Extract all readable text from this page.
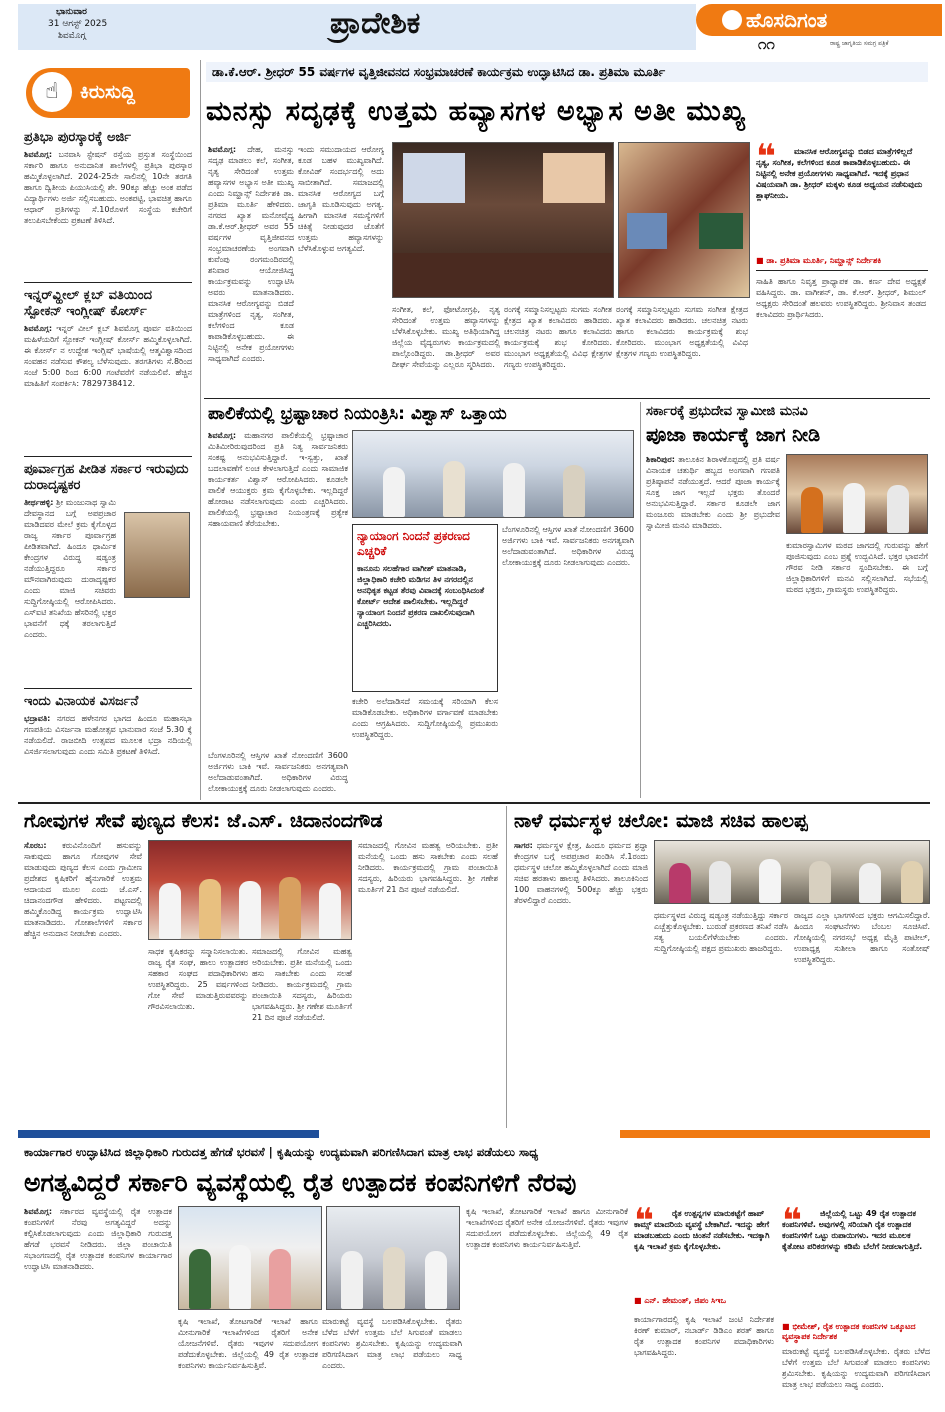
ಭಾನುವಾರ
31 ಆಗಸ್ಟ್ 2025
ಶಿವಮೊಗ್ಗ	ಪ್ರಾದೇಶಿಕ	ಹೊಸದಿಗಂತ
೧೧	ರಾಷ್ಟ್ರ ಜಾಗೃತಿಯ ಸಮಗ್ರ ಪತ್ರಿಕೆ
☝	ಕಿರುಸುದ್ದಿ
ಪ್ರತಿಭಾ ಪುರಸ್ಕಾರಕ್ಕೆ ಅರ್ಜಿ
ಶಿವಮೊಗ್ಗ: ಬನವಾಸಿ ಸ್ಟೇಷನ್ ರಸ್ತೆಯ ಪ್ರಸ್ತುತ ಸಂಸ್ಥೆಯಿಂದ ಸರ್ಕಾರಿ ಹಾಗೂ ಅನುದಾನಿತ ಶಾಲೆಗಳಲ್ಲಿ ಪ್ರತಿಭಾ ಪುರಸ್ಕಾರ ಹಮ್ಮಿಕೊಳ್ಳಲಾಗಿದೆ. 2024-25ನೇ ಸಾಲಿನಲ್ಲಿ 10ನೇ ತರಗತಿ ಹಾಗೂ ದ್ವಿತೀಯ ಪಿಯುಸಿಯಲ್ಲಿ ಶೇ. 90ಕ್ಕೂ ಹೆಚ್ಚು ಅಂಕ ಪಡೆದ ವಿದ್ಯಾರ್ಥಿಗಳು ಅರ್ಜಿ ಸಲ್ಲಿಸಬಹುದು. ಅಂಕಪಟ್ಟಿ, ಭಾವಚಿತ್ರ ಹಾಗೂ ಆಧಾರ್ ಪ್ರತಿಗಳನ್ನು ಸೆ.10ರೊಳಗೆ ಸಂಸ್ಥೆಯ ಕಚೇರಿಗೆ ತಲುಪಿಸಬೇಕೆಂದು ಪ್ರಕಟಣೆ ತಿಳಿಸಿದೆ.
ಇನ್ನರ್‌ವ್ಹೀಲ್ ಕ್ಲಬ್ ವತಿಯಿಂದ ಸ್ಪೋಕನ್ ಇಂಗ್ಲೀಷ್ ಕೋರ್ಸ್
ಶಿವಮೊಗ್ಗ: ಇನ್ನರ್ ವೀಲ್ ಕ್ಲಬ್ ಶಿವಮೊಗ್ಗ ಪೂರ್ವ ವತಿಯಿಂದ ಮಹಿಳೆಯರಿಗೆ ಸ್ಪೋಕನ್ ಇಂಗ್ಲೀಷ್ ಕೋರ್ಸ್ ಹಮ್ಮಿಕೊಳ್ಳಲಾಗಿದೆ. ಈ ಕೋರ್ಸ್ ನ ಉದ್ದೇಶ ಇಂಗ್ಲಿಷ್ ಭಾಷೆಯಲ್ಲಿ ಆತ್ಮವಿಶ್ವಾಸದಿಂದ ಸಂವಹನ ನಡೆಸುವ ಕೌಶಲ್ಯ ಬೆಳೆಸುವುದು. ತರಗತಿಗಳು ಸೆ.8ರಿಂದ ಸಂಜೆ 5:00 ರಿಂದ 6:00 ಗಂಟೆವರೆಗೆ ನಡೆಯಲಿವೆ. ಹೆಚ್ಚಿನ ಮಾಹಿತಿಗೆ ಸಂಪರ್ಕಿಸಿ: 7829738412.
ಪೂರ್ವಾಗ್ರಹ ಪೀಡಿತ ಸರ್ಕಾರ ಇರುವುದು ದುರಾದೃಷ್ಟಕರ
ತೀರ್ಥಹಳ್ಳಿ: ಶ್ರೀ ಮಂಜುನಾಥ ಸ್ವಾಮಿ ದೇವಸ್ಥಾನದ ಬಗ್ಗೆ ಅಪಪ್ರಚಾರ ಮಾಡಿದವರ ಮೇಲೆ ಕ್ರಮ ಕೈಗೊಳ್ಳದ ರಾಜ್ಯ ಸರ್ಕಾರ ಪೂರ್ವಾಗ್ರಹ ಪೀಡಿತವಾಗಿದೆ. ಹಿಂದೂ ಧಾರ್ಮಿಕ ಕೇಂದ್ರಗಳ ವಿರುದ್ಧ ಷಡ್ಯಂತ್ರ ನಡೆಯುತ್ತಿದ್ದರೂ ಸರ್ಕಾರ ಮೌನವಾಗಿರುವುದು ದುರಾದೃಷ್ಟಕರ ಎಂದು ಮಾಜಿ ಸಚಿವರು ಸುದ್ದಿಗೋಷ್ಠಿಯಲ್ಲಿ ಆರೋಪಿಸಿದರು. ಎಸ್ಐಟಿ ತನಿಖೆಯ ಹೆಸರಿನಲ್ಲಿ ಭಕ್ತರ ಭಾವನೆಗೆ ಧಕ್ಕೆ ತರಲಾಗುತ್ತಿದೆ ಎಂದರು.
ಇಂದು ವಿನಾಯಕ ವಿಸರ್ಜನೆ
ಭದ್ರಾವತಿ: ನಗರದ ಹಳೇನಗರ ಭಾಗದ ಹಿಂದೂ ಮಹಾಸಭಾ ಗಣಪತಿಯ ವಿಸರ್ಜನಾ ಮಹೋತ್ಸವ ಭಾನುವಾರ ಸಂಜೆ 5.30 ಕ್ಕೆ ನಡೆಯಲಿದೆ. ರಾಜಬೀದಿ ಉತ್ಸವದ ಮೂಲಕ ಭದ್ರಾ ನದಿಯಲ್ಲಿ ವಿಸರ್ಜಿಸಲಾಗುವುದು ಎಂದು ಸಮಿತಿ ಪ್ರಕಟಣೆ ತಿಳಿಸಿದೆ.
ಡಾ.ಕೆ.ಆರ್. ಶ್ರೀಧರ್ 55 ವರ್ಷಗಳ ವೃತ್ತಿಜೀವನದ ಸಂಭ್ರಮಾಚರಣೆ ಕಾರ್ಯಕ್ರಮ ಉದ್ಘಾಟಿಸಿದ ಡಾ. ಪ್ರತಿಮಾ ಮೂರ್ತಿ
ಮನಸ್ಸು ಸದೃಢಕ್ಕೆ ಉತ್ತಮ ಹವ್ಯಾಸಗಳ ಅಭ್ಯಾಸ ಅತೀ ಮುಖ್ಯ
ಶಿವಮೊಗ್ಗ: ದೇಹ, ಮನಸ್ಸು ಸದೃಢ ಮಾಡಲು ಕಲೆ, ಸಂಗೀತ, ನೃತ್ಯ ಸೇರಿದಂತೆ ಉತ್ತಮ ಹವ್ಯಾಸಗಳ ಅಭ್ಯಾಸ ಅತೀ ಮುಖ್ಯ ಎಂದು ನಿಮ್ಹಾನ್ಸ್ ನಿರ್ದೇಶಕಿ ಡಾ. ಪ್ರತಿಮಾ ಮೂರ್ತಿ ಹೇಳಿದರು. ನಗರದ ಖ್ಯಾತ ಮನೋವೈದ್ಯ ಡಾ.ಕೆ.ಆರ್.ಶ್ರೀಧರ್ ಅವರ 55 ವರ್ಷಗಳ ವೃತ್ತಿಜೀವನದ ಸಂಭ್ರಮಾಚರಣೆಯ ಅಂಗವಾಗಿ ಕುವೆಂಪು ರಂಗಮಂದಿರದಲ್ಲಿ ಶನಿವಾರ ಆಯೋಜಿಸಿದ್ದ ಕಾರ್ಯಕ್ರಮವನ್ನು ಉದ್ಘಾಟಿಸಿ ಅವರು ಮಾತನಾಡಿದರು. ಮಾನಸಿಕ ಆರೋಗ್ಯವನ್ನು ಬಿಡದೆ ಮಾತ್ರೆಗಳಿಂದ ನೃತ್ಯ, ಸಂಗೀತ, ಕಲೆಗಳಿಂದ ಕೂಡ ಕಾಪಾಡಿಕೊಳ್ಳಬಹುದು. ಈ ನಿಟ್ಟಿನಲ್ಲಿ ಅನೇಕ ಪ್ರಯೋಗಗಳು ಸಾಧ್ಯವಾಗಿದೆ ಎಂದರು.
ಇಂದು ಸಮುದಾಯದ ಆರೋಗ್ಯ ಕೂಡ ಬಹಳ ಮುಖ್ಯವಾಗಿದೆ. ಕೋವಿಡ್ ಸಂದರ್ಭದಲ್ಲಿ ಅದು ಸಾಬೀತಾಗಿದೆ. ಸಮಾಜದಲ್ಲಿ ಮಾನಸಿಕ ಆರೋಗ್ಯದ ಬಗ್ಗೆ ಜಾಗೃತಿ ಮೂಡಿಸುವುದು ಅಗತ್ಯ. ಹೀಗಾಗಿ ಮಾನಸಿಕ ಸಮಸ್ಯೆಗಳಿಗೆ ಚಿಕಿತ್ಸೆ ನೀಡುವುದರ ಜೊತೆಗೆ ಉತ್ತಮ ಹವ್ಯಾಸಗಳನ್ನು ಬೆಳೆಸಿಕೊಳ್ಳುವ ಅಗತ್ಯವಿದೆ.
ಸಂಗೀತ, ಕಲೆ, ಫೋಟೋಗ್ರಫಿ, ನೃತ್ಯ ಸೇರಿದಂತೆ ಉತ್ತಮ ಹವ್ಯಾಸಗಳನ್ನು ಬೆಳೆಸಿಕೊಳ್ಳಬೇಕು. ಮುಖ್ಯ ಅತಿಥಿಯಾಗಿದ್ದ ಜಿಲ್ಲೆಯ ವೈದ್ಯರುಗಳು ಕಾರ್ಯಕ್ರಮದಲ್ಲಿ ಪಾಲ್ಗೊಂಡಿದ್ದರು. ಡಾ.ಶ್ರೀಧರ್ ಅವರ ದೀರ್ಘ ಸೇವೆಯನ್ನು ಎಲ್ಲರೂ ಸ್ಮರಿಸಿದರು.
ರಂಗಕ್ಕೆ ಸಮ್ಮಾನಿಸಲ್ಪಟ್ಟರು ಸುಗಮ ಸಂಗೀತ ಕ್ಷೇತ್ರದ ಖ್ಯಾತ ಕಲಾವಿದರು ಹಾಡಿದರು. ಚಲನಚಿತ್ರ ನಟರು ಹಾಗೂ ಕಲಾವಿದರು ಕಾರ್ಯಕ್ರಮಕ್ಕೆ ಶುಭ ಕೋರಿದರು. ಮುಂಭಾಗ ಅಧ್ಯಕ್ಷತೆಯಲ್ಲಿ ವಿವಿಧ ಕ್ಷೇತ್ರಗಳ ಗಣ್ಯರು ಉಪಸ್ಥಿತರಿದ್ದರು.
ರಂಗಕ್ಕೆ ಸಮ್ಮಾನಿಸಲ್ಪಟ್ಟರು ಸುಗಮ ಸಂಗೀತ ಕ್ಷೇತ್ರದ ಖ್ಯಾತ ಕಲಾವಿದರು ಹಾಡಿದರು. ಚಲನಚಿತ್ರ ನಟರು ಹಾಗೂ ಕಲಾವಿದರು ಕಾರ್ಯಕ್ರಮಕ್ಕೆ ಶುಭ ಕೋರಿದರು. ಮುಂಭಾಗ ಅಧ್ಯಕ್ಷತೆಯಲ್ಲಿ ವಿವಿಧ ಕ್ಷೇತ್ರಗಳ ಗಣ್ಯರು ಉಪಸ್ಥಿತರಿದ್ದರು.
❝	ಮಾನಸಿಕ ಆರೋಗ್ಯವನ್ನು ಬಿಡದ ಮಾತ್ರೆಗಳಿಲ್ಲದೆ ನೃತ್ಯ, ಸಂಗೀತ, ಕಲೆಗಳಿಂದ ಕೂಡ ಕಾಪಾಡಿಕೊಳ್ಳಬಹುದು. ಈ ನಿಟ್ಟಿನಲ್ಲಿ ಅನೇಕ ಪ್ರಯೋಗಗಳು ಸಾಧ್ಯವಾಗಿದೆ. ಇದಕ್ಕೆ ಪ್ರಧಾನ ವಿಷಯವಾಗಿ ಡಾ. ಶ್ರೀಧರ್ ಮಕ್ಕಳು ಕೂಡ ಅಧ್ಯಯನ ನಡೆಸುವುದು ಶ್ಲಾಘನೀಯ.
■ ಡಾ. ಪ್ರತಿಮಾ ಮೂರ್ತಿ, ನಿಮ್ಹಾನ್ಸ್ ನಿರ್ದೇಶಕಿ
ಸಾಹಿತಿ ಹಾಗೂ ನಿವೃತ್ತ ಪ್ರಾಧ್ಯಾಪಕ ಡಾ. ಕರ್ಣ ದೇವ ಅಧ್ಯಕ್ಷತೆ ವಹಿಸಿದ್ದರು. ಡಾ. ವಾಗೀಶನ್, ಡಾ. ಕೆ.ಆರ್. ಶ್ರೀಧರ್, ಶಿಮುಲ್ ಅಧ್ಯಕ್ಷರು ಸೇರಿದಂತೆ ಹಲವರು ಉಪಸ್ಥಿತರಿದ್ದರು. ಶ್ರೀನಿವಾಸ ತಂಡದ ಕಲಾವಿದರು ಪ್ರಾರ್ಥಿಸಿದರು.
ಪಾಲಿಕೆಯಲ್ಲಿ ಭ್ರಷ್ಟಾಚಾರ ನಿಯಂತ್ರಿಸಿ: ವಿಶ್ವಾಸ್ ಒತ್ತಾಯ
ಶಿವಮೊಗ್ಗ: ಮಹಾನಗರ ಪಾಲಿಕೆಯಲ್ಲಿ ಭ್ರಷ್ಟಾಚಾರ ಮಿತಿಮೀರಿರುವುದರಿಂದ ಪ್ರತಿ ನಿತ್ಯ ಸಾರ್ವಜನಿಕರು ಸಂಕಷ್ಟ ಅನುಭವಿಸುತ್ತಿದ್ದಾರೆ. ಇ-ಸ್ವತ್ತು, ಖಾತೆ ಬದಲಾವಣೆಗೆ ಲಂಚ ಕೇಳಲಾಗುತ್ತಿದೆ ಎಂದು ಸಾಮಾಜಿಕ ಕಾರ್ಯಕರ್ತ ವಿಶ್ವಾಸ್ ಆರೋಪಿಸಿದರು. ಕೂಡಲೇ ಪಾಲಿಕೆ ಆಯುಕ್ತರು ಕ್ರಮ ಕೈಗೊಳ್ಳಬೇಕು. ಇಲ್ಲದಿದ್ದರೆ ಹೋರಾಟ ನಡೆಸಲಾಗುವುದು ಎಂದು ಎಚ್ಚರಿಸಿದರು. ಪಾಲಿಕೆಯಲ್ಲಿ ಭ್ರಷ್ಟಾಚಾರ ನಿಯಂತ್ರಣಕ್ಕೆ ಪ್ರತ್ಯೇಕ ಸಹಾಯವಾಣಿ ತೆರೆಯಬೇಕು.
ನ್ಯಾಯಾಂಗ ನಿಂದನೆ ಪ್ರಕರಣದ ಎಚ್ಚರಿಕೆ
ಕಾನೂನು ಸಲಹೆಗಾರ ವಾಗೀಶ್ ಮಾತನಾಡಿ, ಜಿಲ್ಲಾಧಿಕಾರಿ ಕಚೇರಿ ಮಡಿಗನ ತಿಳ ನಗರದಲ್ಲಿನ ಅನಧಿಕೃತ ಕಟ್ಟಡ ತೆರವು ವಿವಾದಕ್ಕೆ ಸಂಬಂಧಿಸಿದಂತೆ ಕೋರ್ಟ್ ಆದೇಶ ಪಾಲಿಸಬೇಕು. ಇಲ್ಲದಿದ್ದರೆ ನ್ಯಾಯಾಂಗ ನಿಂದನೆ ಪ್ರಕರಣ ದಾಖಲಿಸುವುದಾಗಿ ಎಚ್ಚರಿಸಿದರು.
ಬೆಂಗಳೂರಿನಲ್ಲಿ ಆಸ್ತಿಗಳ ಖಾತೆ ನೋಂದಣಿಗೆ 3600 ಅರ್ಜಿಗಳು ಬಾಕಿ ಇವೆ. ಸಾರ್ವಜನಿಕರು ಅನಗತ್ಯವಾಗಿ ಅಲೆದಾಡುವಂತಾಗಿದೆ. ಅಧಿಕಾರಿಗಳ ವಿರುದ್ಧ ಲೋಕಾಯುಕ್ತಕ್ಕೆ ದೂರು ನೀಡಲಾಗುವುದು ಎಂದರು.
ಕಚೇರಿ ಅಲೆದಾಡಿಸದೆ ಸಮಯಕ್ಕೆ ಸರಿಯಾಗಿ ಕೆಲಸ ಮಾಡಿಕೊಡಬೇಕು. ಅಧಿಕಾರಿಗಳ ವರ್ಗಾವಣೆ ಮಾಡಬೇಕು ಎಂದು ಆಗ್ರಹಿಸಿದರು. ಸುದ್ದಿಗೋಷ್ಠಿಯಲ್ಲಿ ಪ್ರಮುಖರು ಉಪಸ್ಥಿತರಿದ್ದರು.
ಬೆಂಗಳೂರಿನಲ್ಲಿ ಆಸ್ತಿಗಳ ಖಾತೆ ನೋಂದಣಿಗೆ 3600 ಅರ್ಜಿಗಳು ಬಾಕಿ ಇವೆ. ಸಾರ್ವಜನಿಕರು ಅನಗತ್ಯವಾಗಿ ಅಲೆದಾಡುವಂತಾಗಿದೆ. ಅಧಿಕಾರಿಗಳ ವಿರುದ್ಧ ಲೋಕಾಯುಕ್ತಕ್ಕೆ ದೂರು ನೀಡಲಾಗುವುದು ಎಂದರು.
ಸರ್ಕಾರಕ್ಕೆ ಪ್ರಭುದೇವ ಸ್ವಾಮೀಜಿ ಮನವಿ
ಪೂಜಾ ಕಾರ್ಯಕ್ಕೆ ಜಾಗ ನೀಡಿ
ಶಿಕಾರಿಪುರ: ತಾಲೂಕಿನ ಶಿರಾಳಕೊಪ್ಪದಲ್ಲಿ ಪ್ರತಿ ವರ್ಷ ವಿನಾಯಕ ಚತುರ್ಥಿ ಹಬ್ಬದ ಅಂಗವಾಗಿ ಗಣಪತಿ ಪ್ರತಿಷ್ಠಾಪನೆ ನಡೆಯುತ್ತದೆ. ಆದರೆ ಪೂಜಾ ಕಾರ್ಯಕ್ಕೆ ಸೂಕ್ತ ಜಾಗ ಇಲ್ಲದೆ ಭಕ್ತರು ತೊಂದರೆ ಅನುಭವಿಸುತ್ತಿದ್ದಾರೆ. ಸರ್ಕಾರ ಕೂಡಲೇ ಜಾಗ ಮಂಜೂರು ಮಾಡಬೇಕು ಎಂದು ಶ್ರೀ ಪ್ರಭುದೇವ ಸ್ವಾಮೀಜಿ ಮನವಿ ಮಾಡಿದರು.
ಕುಮಾರಸ್ವಾಮಿಗಳ ಮಠದ ಜಾಗದಲ್ಲಿ ಗುರುವನ್ನು ಹೇಗೆ ಪೂಜಿಸುವುದು ಎಂಬ ಪ್ರಶ್ನೆ ಉದ್ಭವಿಸಿದೆ. ಭಕ್ತರ ಭಾವನೆಗೆ ಗೌರವ ನೀಡಿ ಸರ್ಕಾರ ಸ್ಪಂದಿಸಬೇಕು. ಈ ಬಗ್ಗೆ ಜಿಲ್ಲಾಧಿಕಾರಿಗಳಿಗೆ ಮನವಿ ಸಲ್ಲಿಸಲಾಗಿದೆ. ಸಭೆಯಲ್ಲಿ ಮಠದ ಭಕ್ತರು, ಗ್ರಾಮಸ್ಥರು ಉಪಸ್ಥಿತರಿದ್ದರು.
ಗೋವುಗಳ ಸೇವೆ ಪುಣ್ಯದ ಕೆಲಸ: ಜೆ.ಎಸ್. ಚಿದಾನಂದಗೌಡ
ಸೊರಬ: ಕರುವಿನೊಂದಿಗೆ ಹಸುವನ್ನು ಸಾಕುವುದು ಹಾಗೂ ಗೋವುಗಳ ಸೇವೆ ಮಾಡುವುದು ಪುಣ್ಯದ ಕೆಲಸ ಎಂದು ಗ್ರಾಮೀಣ ಪ್ರದೇಶದ ಕೃಷಿಕರಿಗೆ ಹೈನುಗಾರಿಕೆ ಉತ್ತಮ ಆದಾಯದ ಮೂಲ ಎಂದು ಜೆ.ಎಸ್. ಚಿದಾನಂದಗೌಡ ಹೇಳಿದರು. ಪಟ್ಟಣದಲ್ಲಿ ಹಮ್ಮಿಕೊಂಡಿದ್ದ ಕಾರ್ಯಕ್ರಮ ಉದ್ಘಾಟಿಸಿ ಮಾತನಾಡಿದರು. ಗೋಶಾಲೆಗಳಿಗೆ ಸರ್ಕಾರ ಹೆಚ್ಚಿನ ಅನುದಾನ ನೀಡಬೇಕು ಎಂದರು.
ಸಾಧಕ ಕೃಷಿಕರನ್ನು ಸನ್ಮಾನಿಸಲಾಯಿತು. ರಾಜ್ಯ ರೈತ ಸಂಘ, ಹಾಲು ಉತ್ಪಾದಕರ ಸಹಕಾರ ಸಂಘದ ಪದಾಧಿಕಾರಿಗಳು ಉಪಸ್ಥಿತರಿದ್ದರು. 25 ವರ್ಷಗಳಿಂದ ಗೋ ಸೇವೆ ಮಾಡುತ್ತಿರುವವರನ್ನು ಗೌರವಿಸಲಾಯಿತು.
ಸಮಾಜದಲ್ಲಿ ಗೋವಿನ ಮಹತ್ವ ಅರಿಯಬೇಕು. ಪ್ರತೀ ಮನೆಯಲ್ಲಿ ಒಂದು ಹಸು ಸಾಕಬೇಕು ಎಂದು ಸಲಹೆ ನೀಡಿದರು. ಕಾರ್ಯಕ್ರಮದಲ್ಲಿ ಗ್ರಾಮ ಪಂಚಾಯಿತಿ ಸದಸ್ಯರು, ಹಿರಿಯರು ಭಾಗವಹಿಸಿದ್ದರು. ಶ್ರೀ ಗಣೇಶ ಮೂರ್ತಿಗೆ 21 ದಿನ ಪೂಜೆ ನಡೆಯಲಿದೆ.
ಸಮಾಜದಲ್ಲಿ ಗೋವಿನ ಮಹತ್ವ ಅರಿಯಬೇಕು. ಪ್ರತೀ ಮನೆಯಲ್ಲಿ ಒಂದು ಹಸು ಸಾಕಬೇಕು ಎಂದು ಸಲಹೆ ನೀಡಿದರು. ಕಾರ್ಯಕ್ರಮದಲ್ಲಿ ಗ್ರಾಮ ಪಂಚಾಯಿತಿ ಸದಸ್ಯರು, ಹಿರಿಯರು ಭಾಗವಹಿಸಿದ್ದರು. ಶ್ರೀ ಗಣೇಶ ಮೂರ್ತಿಗೆ 21 ದಿನ ಪೂಜೆ ನಡೆಯಲಿದೆ.
ನಾಳೆ ಧರ್ಮಸ್ಥಳ ಚಲೋ: ಮಾಜಿ ಸಚಿವ ಹಾಲಪ್ಪ
ಸಾಗರ: ಧರ್ಮಸ್ಥಳ ಕ್ಷೇತ್ರ, ಹಿಂದೂ ಧರ್ಮದ ಶ್ರದ್ಧಾ ಕೇಂದ್ರಗಳ ಬಗ್ಗೆ ಅಪಪ್ರಚಾರ ಖಂಡಿಸಿ ಸೆ.1ರಂದು ಧರ್ಮಸ್ಥಳ ಚಲೋ ಹಮ್ಮಿಕೊಳ್ಳಲಾಗಿದೆ ಎಂದು ಮಾಜಿ ಸಚಿವ ಹರತಾಳು ಹಾಲಪ್ಪ ತಿಳಿಸಿದರು. ತಾಲೂಕಿನಿಂದ 100 ವಾಹನಗಳಲ್ಲಿ 500ಕ್ಕೂ ಹೆಚ್ಚು ಭಕ್ತರು ತೆರಳಲಿದ್ದಾರೆ ಎಂದರು.
ಧರ್ಮಸ್ಥಳದ ವಿರುದ್ಧ ಷಡ್ಯಂತ್ರ ನಡೆಯುತ್ತಿದ್ದು ಸರ್ಕಾರ ಎಚ್ಚೆತ್ತುಕೊಳ್ಳಬೇಕು. ಬುರುಡೆ ಪ್ರಕರಣದ ತನಿಖೆ ನಡೆಸಿ ಸತ್ಯ ಬಯಲಿಗೆಳೆಯಬೇಕು ಎಂದರು. ಸುದ್ದಿಗೋಷ್ಠಿಯಲ್ಲಿ ಪಕ್ಷದ ಪ್ರಮುಖರು ಹಾಜರಿದ್ದರು.
ರಾಜ್ಯದ ಎಲ್ಲಾ ಭಾಗಗಳಿಂದ ಭಕ್ತರು ಆಗಮಿಸಲಿದ್ದಾರೆ. ಹಿಂದೂ ಸಂಘಟನೆಗಳು ಬೆಂಬಲ ಸೂಚಿಸಿವೆ. ಗೋಷ್ಠಿಯಲ್ಲಿ ನಗರಸಭೆ ಅಧ್ಯಕ್ಷ ಮೈತ್ರಿ ಪಾಟೀಲ್, ಉಪಾಧ್ಯಕ್ಷ ಸುಶೀಲಾ ಹಾಗೂ ಸಂತೋಷ್ ಉಪಸ್ಥಿತರಿದ್ದರು.
ಕಾರ್ಯಾಗಾರ ಉದ್ಘಾಟಿಸಿದ ಜಿಲ್ಲಾಧಿಕಾರಿ ಗುರುದತ್ತ ಹೆಗಡೆ ಭರವಸೆ | ಕೃಷಿಯನ್ನು ಉದ್ಯಮವಾಗಿ ಪರಿಗಣಿಸಿದಾಗ ಮಾತ್ರ ಲಾಭ ಪಡೆಯಲು ಸಾಧ್ಯ
ಅಗತ್ಯವಿದ್ದರೆ ಸರ್ಕಾರಿ ವ್ಯವಸ್ಥೆಯಲ್ಲಿ ರೈತ ಉತ್ಪಾದಕ ಕಂಪನಿಗಳಿಗೆ ನೆರವು
ಶಿವಮೊಗ್ಗ: ಸರ್ಕಾರದ ವ್ಯವಸ್ಥೆಯಲ್ಲಿ ರೈತ ಉತ್ಪಾದಕ ಕಂಪನಿಗಳಿಗೆ ನೆರವು ಅಗತ್ಯವಿದ್ದರೆ ಅದನ್ನು ಕಲ್ಪಿಸಿಕೊಡಲಾಗುವುದು ಎಂದು ಜಿಲ್ಲಾಧಿಕಾರಿ ಗುರುದತ್ತ ಹೆಗಡೆ ಭರವಸೆ ನೀಡಿದರು. ಜಿಲ್ಲಾ ಪಂಚಾಯಿತಿ ಸಭಾಂಗಣದಲ್ಲಿ ರೈತ ಉತ್ಪಾದಕ ಕಂಪನಿಗಳ ಕಾರ್ಯಾಗಾರ ಉದ್ಘಾಟಿಸಿ ಮಾತನಾಡಿದರು.
ಕೃಷಿ ಇಲಾಖೆ, ತೋಟಗಾರಿಕೆ ಇಲಾಖೆ ಹಾಗೂ ಮೀನುಗಾರಿಕೆ ಇಲಾಖೆಗಳಿಂದ ರೈತರಿಗೆ ಅನೇಕ ಯೋಜನೆಗಳಿವೆ. ರೈತರು ಇವುಗಳ ಸದುಪಯೋಗ ಪಡೆದುಕೊಳ್ಳಬೇಕು. ಜಿಲ್ಲೆಯಲ್ಲಿ 49 ರೈತ ಉತ್ಪಾದಕ ಕಂಪನಿಗಳು ಕಾರ್ಯನಿರ್ವಹಿಸುತ್ತಿವೆ.
ಮಾರುಕಟ್ಟೆ ವ್ಯವಸ್ಥೆ ಬಲಪಡಿಸಿಕೊಳ್ಳಬೇಕು. ರೈತರು ಬೆಳೆದ ಬೆಳೆಗೆ ಉತ್ತಮ ಬೆಲೆ ಸಿಗುವಂತೆ ಮಾಡಲು ಕಂಪನಿಗಳು ಶ್ರಮಿಸಬೇಕು. ಕೃಷಿಯನ್ನು ಉದ್ಯಮವಾಗಿ ಪರಿಗಣಿಸಿದಾಗ ಮಾತ್ರ ಲಾಭ ಪಡೆಯಲು ಸಾಧ್ಯ ಎಂದರು.
ಕೃಷಿ ಇಲಾಖೆ, ತೋಟಗಾರಿಕೆ ಇಲಾಖೆ ಹಾಗೂ ಮೀನುಗಾರಿಕೆ ಇಲಾಖೆಗಳಿಂದ ರೈತರಿಗೆ ಅನೇಕ ಯೋಜನೆಗಳಿವೆ. ರೈತರು ಇವುಗಳ ಸದುಪಯೋಗ ಪಡೆದುಕೊಳ್ಳಬೇಕು. ಜಿಲ್ಲೆಯಲ್ಲಿ 49 ರೈತ ಉತ್ಪಾದಕ ಕಂಪನಿಗಳು ಕಾರ್ಯನಿರ್ವಹಿಸುತ್ತಿವೆ.
❝	ರೈತ ಉತ್ಪನ್ನಗಳ ಮಾರುಕಟ್ಟೆಗೆ ಹಾಪ್ ಕಾಮ್ಸ್ ಮಾದರಿಯ ವ್ಯವಸ್ಥೆ ಬೇಕಾಗಿದೆ. ಇದನ್ನು ಹೇಗೆ ಮಾಡಬಹುದು ಎಂದು ಚಿಂತನೆ ನಡೆಸಬೇಕು. ಇದಕ್ಕಾಗಿ ಕೃಷಿ ಇಲಾಖೆ ಕ್ರಮ ಕೈಗೊಳ್ಳಬೇಕು.
■ ಎನ್. ಹೇಮಂತ್, ಜಿಪಂ ಸಿಇಒ
ಕಾರ್ಯಾಗಾರದಲ್ಲಿ ಕೃಷಿ ಇಲಾಖೆ ಜಂಟಿ ನಿರ್ದೇಶಕ ಕಿರಣ್ ಕುಮಾರ್, ನಬಾರ್ಡ್ ಡಿಡಿಎಂ ಶರತ್ ಹಾಗೂ ರೈತ ಉತ್ಪಾದಕ ಕಂಪನಿಗಳ ಪದಾಧಿಕಾರಿಗಳು ಭಾಗವಹಿಸಿದ್ದರು.
❝	ಜಿಲ್ಲೆಯಲ್ಲಿ ಒಟ್ಟು 49 ರೈತ ಉತ್ಪಾದಕ ಕಂಪನಿಗಳಿವೆ. ಅವುಗಳಲ್ಲಿ ಸರಿಯಾಗಿ ರೈತ ಉತ್ಪಾದಕ ಕಂಪನಿಗಳಿಗೆ ಒಟ್ಟು ರುಪಾಯಿಗಳು. ಇದರ ಮೂಲಕ ಕೈತೋಟ ಪರಿಕರಗಳನ್ನು ಕಡಿಮೆ ಬೆಲೆಗೆ ನೀಡಲಾಗುತ್ತಿದೆ.
■ ಭೀಮೇಶ್, ರೈತ ಉತ್ಪಾದಕ ಕಂಪನಿಗಳ ಒಕ್ಕೂಟದ ವ್ಯವಸ್ಥಾಪಕ ನಿರ್ದೇಶಕ
ಮಾರುಕಟ್ಟೆ ವ್ಯವಸ್ಥೆ ಬಲಪಡಿಸಿಕೊಳ್ಳಬೇಕು. ರೈತರು ಬೆಳೆದ ಬೆಳೆಗೆ ಉತ್ತಮ ಬೆಲೆ ಸಿಗುವಂತೆ ಮಾಡಲು ಕಂಪನಿಗಳು ಶ್ರಮಿಸಬೇಕು. ಕೃಷಿಯನ್ನು ಉದ್ಯಮವಾಗಿ ಪರಿಗಣಿಸಿದಾಗ ಮಾತ್ರ ಲಾಭ ಪಡೆಯಲು ಸಾಧ್ಯ ಎಂದರು.
